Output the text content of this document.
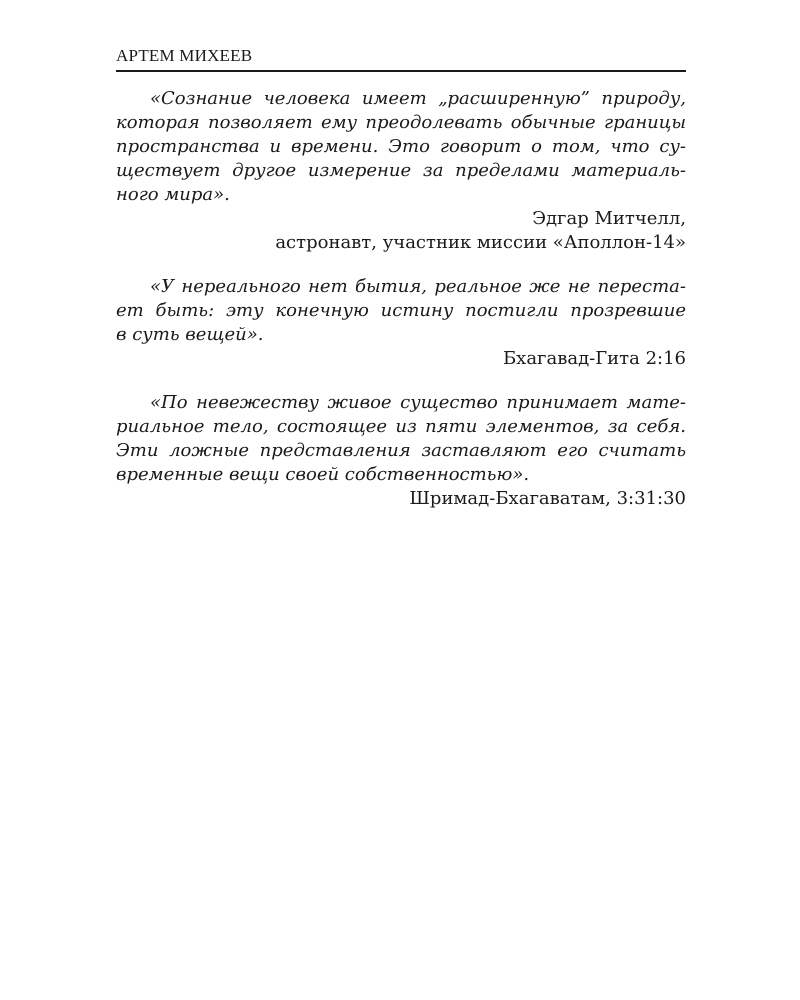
АРТЕМ МИХЕЕВ
«Сознание человека имеет „расширенную” природу,
которая позволяет ему преодолевать обычные границы
пространства и времени. Это говорит о том, что су-
ществует другое измерение за пределами материаль-
ного мира».
Эдгар Митчелл,
астронавт, участник миссии «Аполлон-14»
«У нереального нет бытия, реальное же не переста-
ет быть: эту конечную истину постигли прозревшие
в суть вещей».
Бхагавад-Гита 2:16
«По невежеству живое существо принимает мате-
риальное тело, состоящее из пяти элементов, за себя.
Эти ложные представления заставляют его считать
временные вещи своей собственностью».
Шримад-Бхагаватам, 3:31:30
